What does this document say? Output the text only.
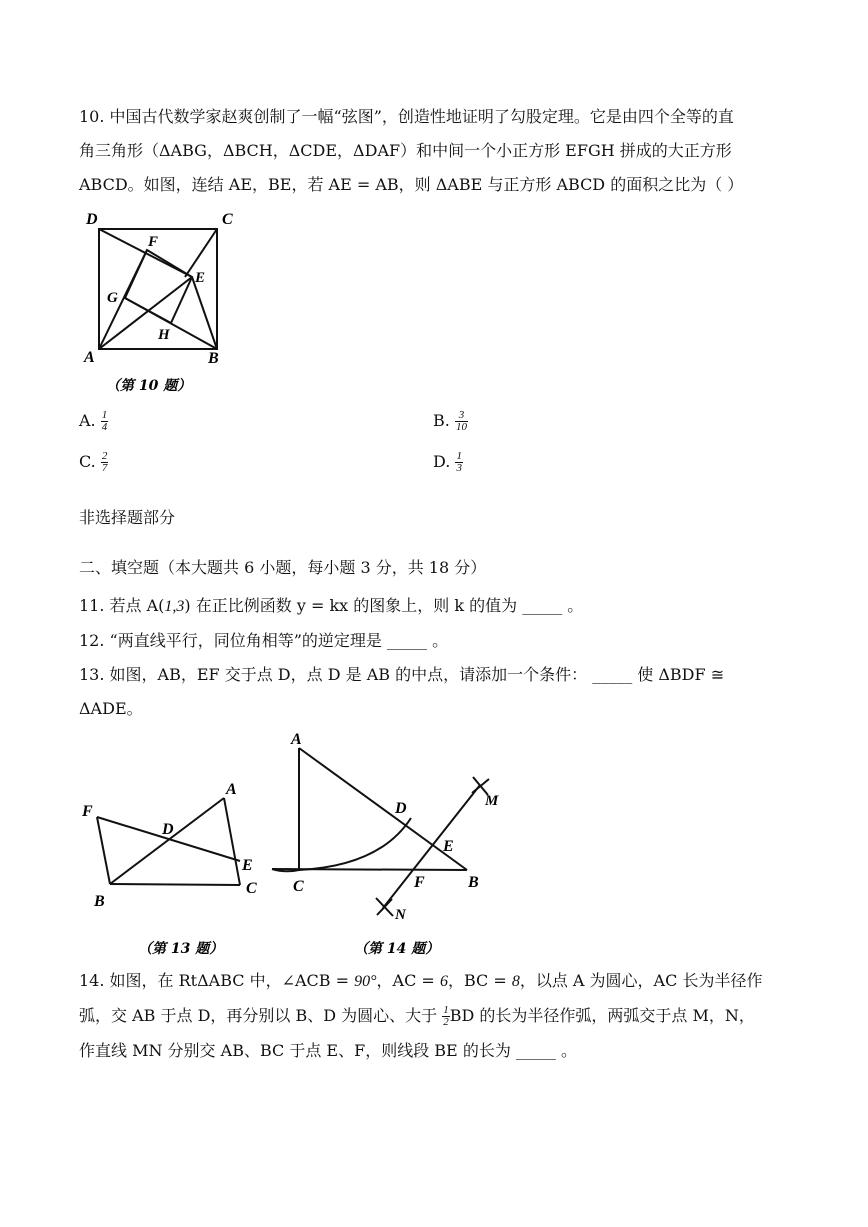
10. 中国古代数学家赵爽创制了一幅“弦图”，创造性地证明了勾股定理。它是由四个全等的直
角三角形（ΔABG，ΔBCH，ΔCDE，ΔDAF）和中间一个小正方形 EFGH 拼成的大正方形
ABCD。如图，连结 AE，BE，若 AE = AB，则 ΔABE 与正方形 ABCD 的面积之比为（ ）
D	C
F
E
G
H
A	B
（第 10 题）
A. $\frac{1}{4}$	B. $\frac{3}{10}$
C. $\frac{2}{7}$	D. $\frac{1}{3}$
非选择题部分
二、填空题（本大题共 6 小题，每小题 3 分，共 18 分）
11. 若点 A(1,3) 在正比例函数 y = kx 的图象上，则 k 的值为 _____ 。
12. “两直线平行，同位角相等”的逆定理是 _____ 。
13. 如图，AB，EF 交于点 D，点 D 是 AB 的中点，请添加一个条件： _____ 使 ΔBDF ≅
ΔADE。
F
A
D
E
C
B
（第 13 题）
A
D	M
E
F	B
C
N
（第 14 题）
14. 如图，在 RtΔABC 中，∠ACB = 90°，AC = 6，BC = 8，以点 A 为圆心，AC 长为半径作
弧，交 AB 于点 D，再分别以 B、D 为圆心、大于 $\frac{1}{2}$ BD 的长为半径作弧，两弧交于点 M，N，
作直线 MN 分别交 AB、BC 于点 E、F，则线段 BE 的长为 _____ 。
